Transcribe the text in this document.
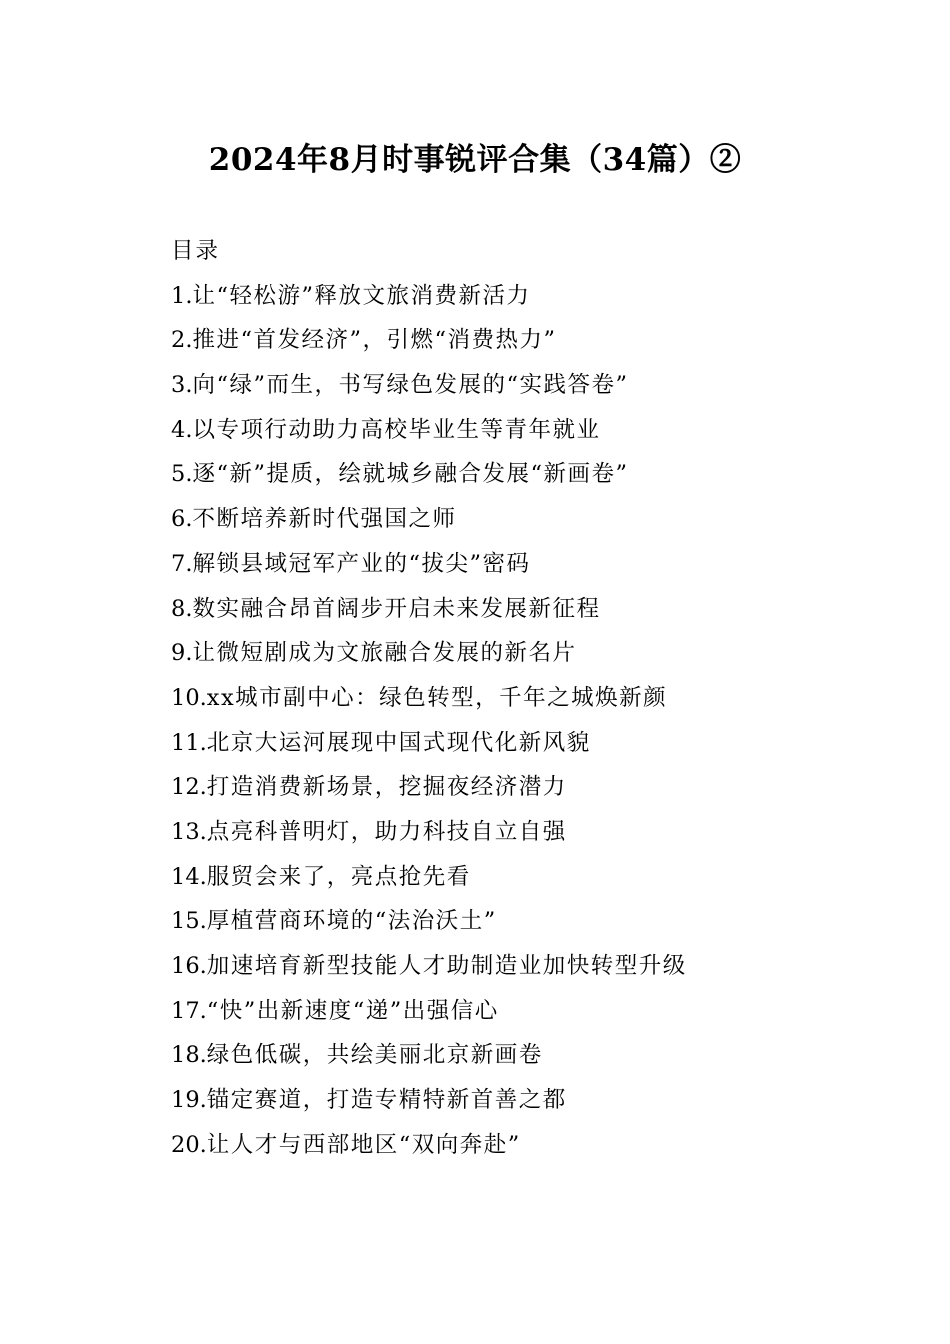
2024年8月时事锐评合集（34篇）②
目录
1.让“轻松游”释放文旅消费新活力
2.推进“首发经济”，引燃“消费热力”
3.向“绿”而生，书写绿色发展的“实践答卷”
4.以专项行动助力高校毕业生等青年就业
5.逐“新”提质，绘就城乡融合发展“新画卷”
6.不断培养新时代强国之师
7.解锁县域冠军产业的“拔尖”密码
8.数实融合昂首阔步开启未来发展新征程
9.让微短剧成为文旅融合发展的新名片
10.xx城市副中心：绿色转型，千年之城焕新颜
11.北京大运河展现中国式现代化新风貌
12.打造消费新场景，挖掘夜经济潜力
13.点亮科普明灯，助力科技自立自强
14.服贸会来了，亮点抢先看
15.厚植营商环境的“法治沃土”
16.加速培育新型技能人才助制造业加快转型升级
17.“快”出新速度“递”出强信心
18.绿色低碳，共绘美丽北京新画卷
19.锚定赛道，打造专精特新首善之都
20.让人才与西部地区“双向奔赴”
